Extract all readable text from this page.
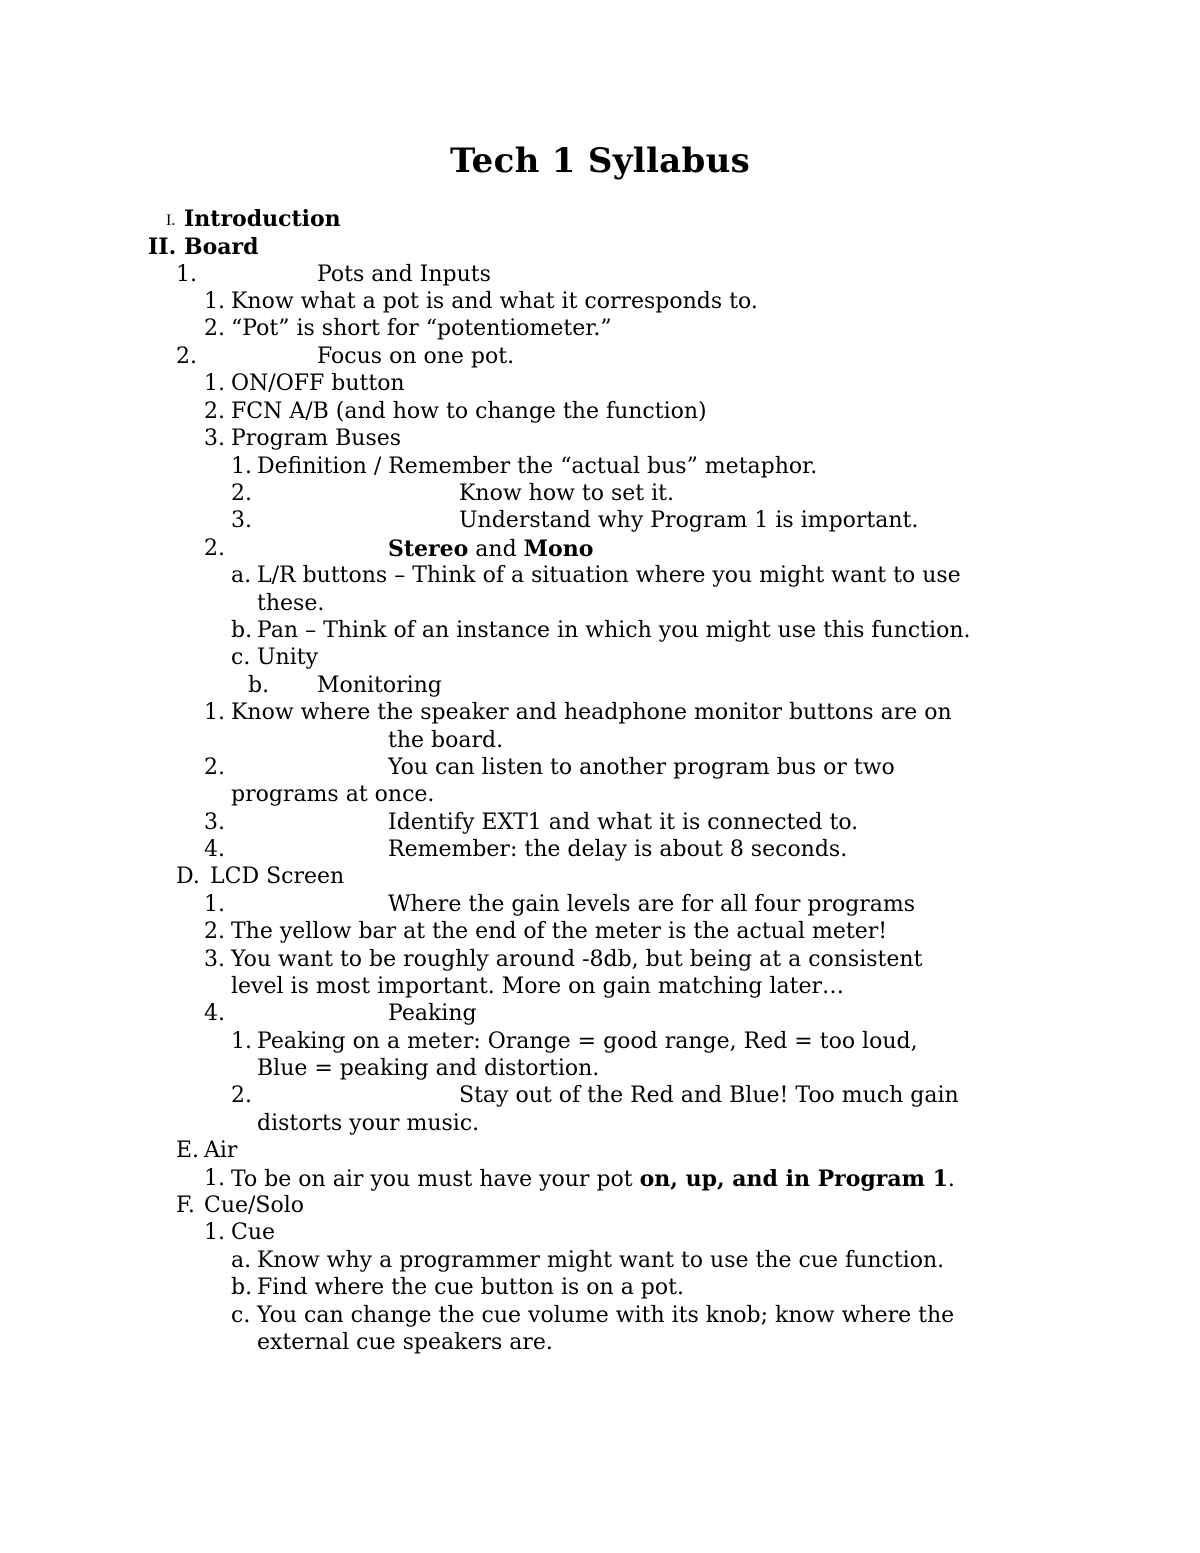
Tech 1 Syllabus
I. Introduction
II. Board
1.	Pots and Inputs
1. Know what a pot is and what it corresponds to.
2. “Pot” is short for “potentiometer.”
2.	Focus on one pot.
1. ON/OFF button
2. FCN A/B (and how to change the function)
3. Program Buses
1. Definition / Remember the “actual bus” metaphor.
2.	Know how to set it.
3.	Understand why Program 1 is important.
2.	Stereo and Mono
a. L/R buttons – Think of a situation where you might want to use
these.
b. Pan – Think of an instance in which you might use this function.
c. Unity
b. Monitoring
1. Know where the speaker and headphone monitor buttons are on
the board.
2.	You can listen to another program bus or two
programs at once.
3.	Identify EXT1 and what it is connected to.
4.	Remember: the delay is about 8 seconds.
D. LCD Screen
1.	Where the gain levels are for all four programs
2. The yellow bar at the end of the meter is the actual meter!
3. You want to be roughly around -8db, but being at a consistent
level is most important. More on gain matching later…
4.	Peaking
1. Peaking on a meter: Orange = good range, Red = too loud,
Blue = peaking and distortion.
2.	Stay out of the Red and Blue! Too much gain
distorts your music.
E. Air
1. To be on air you must have your pot on, up, and in Program 1.
F. Cue/Solo
1. Cue
a. Know why a programmer might want to use the cue function.
b. Find where the cue button is on a pot.
c. You can change the cue volume with its knob; know where the
external cue speakers are.
